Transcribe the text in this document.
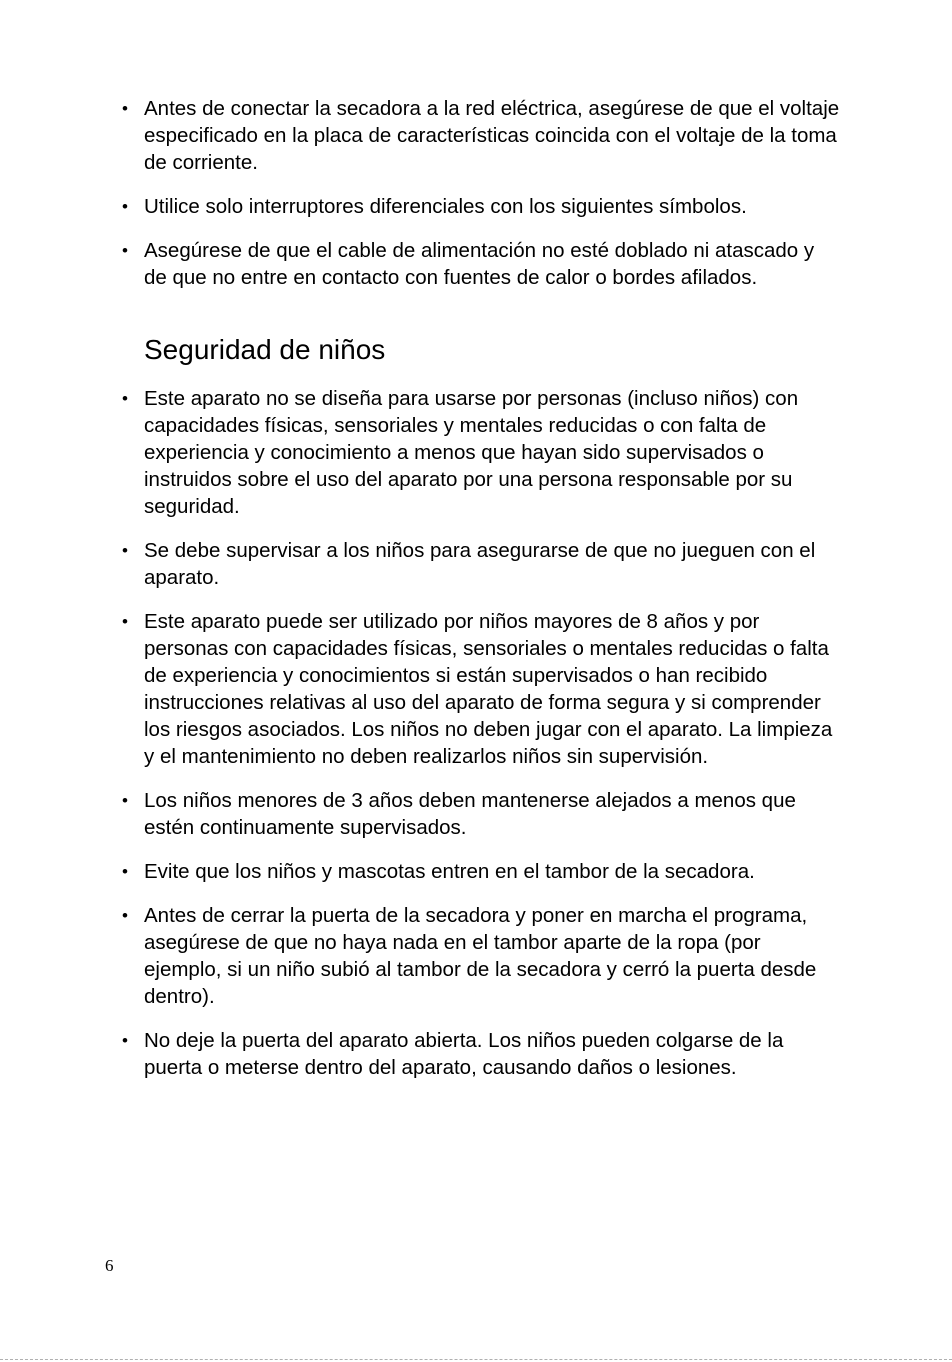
• Antes de conectar la secadora a la red eléctrica, asegúrese de que el voltaje especificado en la placa de características coincida con el voltaje de la toma de corriente.
• Utilice solo interruptores diferenciales con los siguientes símbolos.
• Asegúrese de que el cable de alimentación no esté doblado ni atascado y de que no entre en contacto con fuentes de calor o bordes afilados.
Seguridad de niños
• Este aparato no se diseña para usarse por personas (incluso niños) con capacidades físicas, sensoriales y mentales reducidas o con falta de experiencia y conocimiento a menos que hayan sido supervisados o instruidos sobre el uso del aparato por una persona responsable por su seguridad.
• Se debe supervisar a los niños para asegurarse de que no jueguen con el aparato.
• Este aparato puede ser utilizado por niños mayores de 8 años y por personas con capacidades físicas, sensoriales o mentales reducidas o falta de experiencia y conocimientos si están supervisados o han recibido instrucciones relativas al uso del aparato de forma segura y si comprender los riesgos asociados. Los niños no deben jugar con el aparato. La limpieza y el mantenimiento no deben realizarlos niños sin supervisión.
• Los niños menores de 3 años deben mantenerse alejados a menos que estén continuamente supervisados.
• Evite que los niños y mascotas entren en el tambor de la secadora.
• Antes de cerrar la puerta de la secadora y poner en marcha el programa, asegúrese de que no haya nada en el tambor aparte de la ropa (por ejemplo, si un niño subió al tambor de la secadora y cerró la puerta desde dentro).
• No deje la puerta del aparato abierta. Los niños pueden colgarse de la puerta o meterse dentro del aparato, causando daños o lesiones.
6
